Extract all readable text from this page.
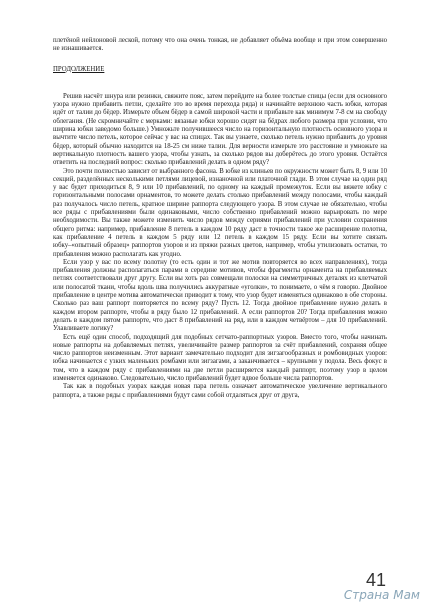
плетёной нейлоновой леской, потому что она очень тонкая, не добавляет объёма вообще и при этом совершенно не изнашивается.

ПРОДОЛЖЕНИЕ

Решив насчёт шнура или резинки, свяжите пояс, затем перейдите на более толстые спицы (если для основного узора нужно прибавить петли, сделайте это во время перехода ряда) и начинайте верхнюю часть юбки, которая идёт от талии до бёдер. Измерьте объем бёдер в самой широкой части и прибавьте как минимум 7-8 см на свободу облегания. (Не скромничайте с мерками: вязаные юбки хорошо сидят на бёдрах любого размера при условии, что ширина юбки заведомо больше.) Умножьте получившееся число на горизонтальную плотность основного узора и вычтите число петель, которое сейчас у вас на спицах. Так вы узнаете, сколько петель нужно прибавить до уровня бёдер, который обычно находится на 18-25 см ниже талии. Для верности измерьте это расстояние и умножьте на вертикальную плотность вашего узора, чтобы узнать, за сколько рядов вы доберётесь до этого уровня. Остаётся ответить на последний вопрос: сколько прибавлений делать в одном ряду?

Это почти полностью зависит от выбранного фасона. В юбке из клиньев по окружности может быть 8, 9 или 10 секций, разделённых несколькими петлями лицевой, изнаночной или платочной глади. В этом случае на один ряд у вас будет приходиться 8, 9 или 10 прибавлений, по одному на каждый промежуток. Если вы вяжете юбку с горизонтальными полосами орнаментов, то можете делать столько прибавлений между полосами, чтобы каждый раз получалось число петель, кратное ширине раппорта следующего узора. В этом случае не обязательно, чтобы все ряды с прибавлениями были одинаковыми, число собственно прибавлений можно варьировать по мере необходимости. Вы также можете изменить число рядов между сериями прибавлений при условии сохранения общего ритма: например, прибавление 8 петель в каждом 10 ряду даст в точности такое же расширение полотна, как прибавление 4 петель в каждом 5 ряду или 12 петель в каждом 15 ряду. Если вы хотите связать юбку–«опытный образец» раппортов узоров и из пряжи разных цветов, например, чтобы утилизовать остатки, то прибавления можно располагать как угодно.

Если узор у вас по всему полотну (то есть один и тот же мотив повторяется во всех направлениях), тогда прибавления должны располагаться парами в середине мотивов, чтобы фрагменты орнамента на прибавляемых петлях соответствовали друг другу. Если вы хоть раз совмещали полоски на симметричных деталях из клетчатой или полосатой ткани, чтобы вдоль шва получились аккуратные «уголки», то понимаете, о чём я говорю. Двойное прибавление в центре мотива автоматически приводит к тому, что узор будет изменяться одинаково в обе стороны. Сколько раз ваш раппорт повторяется по всему ряду? Пусть 12. Тогда двойное прибавление нужно делать в каждом втором раппорте, чтобы в ряду было 12 прибавлений. А если раппортов 20? Тогда прибавления можно делать в каждом пятом раппорте, что даст 8 прибавлений на ряд, или в каждом четвёртом – для 10 прибавлений. Улавливаете логику?

Есть ещё один способ, подходящий для подобных сетчато-раппортных узоров. Вместо того, чтобы начинать новые раппорты на добавляемых петлях, увеличивайте размер раппортов за счёт прибавлений, сохраняя общее число раппортов неизменным. Этот вариант замечательно подходит для зигзагообразных и ромбовидных узоров: юбка начинается с узких маленьких ромбами или зигзагами, а заканчивается – крупными у подола. Весь фокус в том, что в каждом ряду с прибавлениями на две петли расширяется каждый раппорт, поэтому узор в целом изменяется одинаково. Следовательно, число прибавлений будет вдвое больше числа раппортов.

Так как в подобных узорах каждая новая пара петель означает автоматическое увеличение вертикального раппорта, а также ряды с прибавлениями будут сами собой отдаляться друг от друга,

41
Страна Мам
